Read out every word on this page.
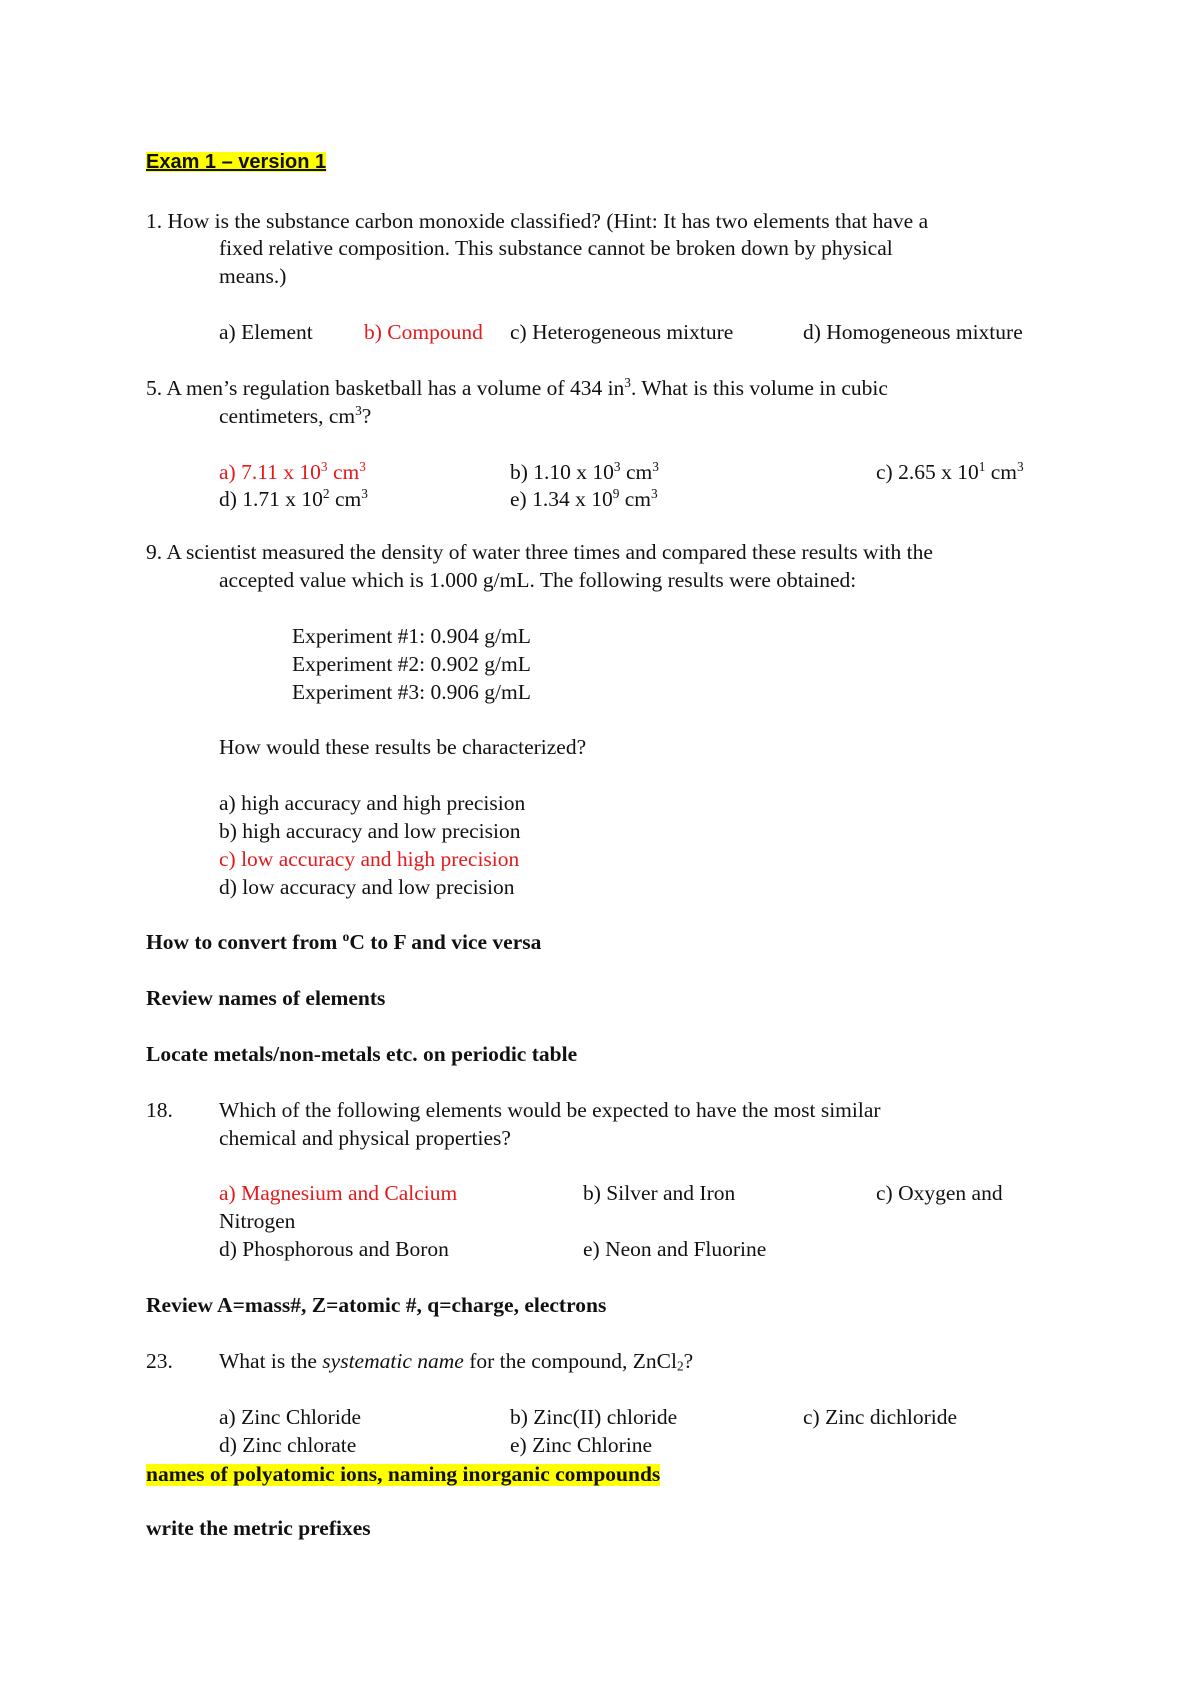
Exam 1 – version 1
1. How is the substance carbon monoxide classified? (Hint: It has two elements that have a
fixed relative composition. This substance cannot be broken down by physical
means.)
a) Element b) Compound c) Heterogeneous mixture	d) Homogeneous mixture
5. A men’s regulation basketball has a volume of 434 $in^3$. What is this volume in cubic
centimeters, $cm^3$?
a) 7.11 x $10^3$ $cm^3$	b) 1.10 x $10^3$ $cm^3$	c) 2.65 x $10^1$ $cm^3$
d) 1.71 x $10^2$ $cm^3$	e) 1.34 x $10^9$ $cm^3$
9. A scientist measured the density of water three times and compared these results with the
accepted value which is 1.000 g/mL. The following results were obtained:
Experiment #1: 0.904 g/mL
Experiment #2: 0.902 g/mL
Experiment #3: 0.906 g/mL
How would these results be characterized?
a) high accuracy and high precision
b) high accuracy and low precision
c) low accuracy and high precision
d) low accuracy and low precision
How to convert from $^o$C to F and vice versa
Review names of elements
Locate metals/non-metals etc. on periodic table
18. Which of the following elements would be expected to have the most similar
chemical and physical properties?
a) Magnesium and Calcium	b) Silver and Iron	c) Oxygen and
Nitrogen
d) Phosphorous and Boron	e) Neon and Fluorine
Review A=mass#, Z=atomic #, q=charge, electrons
23. What is the systematic name for the compound, ZnCl$_2$?
a) Zinc Chloride	b) Zinc(II) chloride	c) Zinc dichloride
d) Zinc chlorate	e) Zinc Chlorine
names of polyatomic ions, naming inorganic compounds
write the metric prefixes
